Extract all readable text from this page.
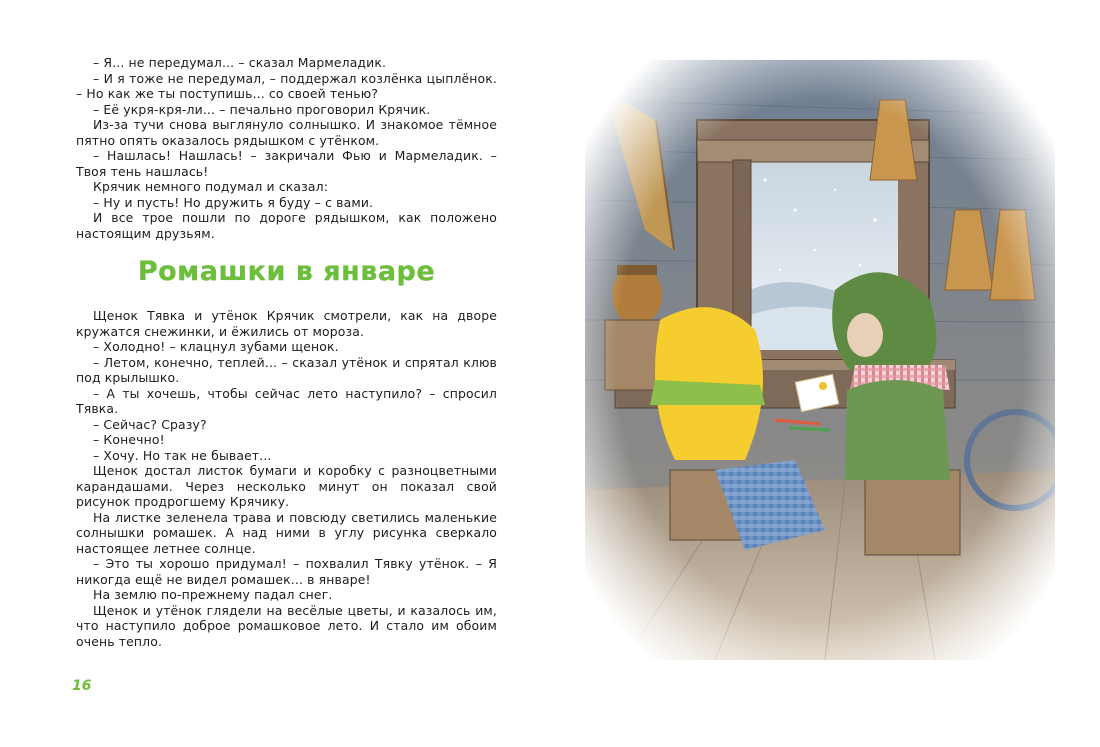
– Я... не передумал... – сказал Мармеладик.

– И я тоже не передумал, – поддержал козлёнка цыплёнок. – Но как же ты поступишь... со своей тенью?

– Её укря-кря-ли... – печально проговорил Крячик.

Из-за тучи снова выглянуло солнышко. И знакомое тёмное пятно опять оказалось рядышком с утёнком.

– Нашлась! Нашлась! – закричали Фью и Мармеладик. – Твоя тень нашлась!

Крячик немного подумал и сказал:

– Ну и пусть! Но дружить я буду – с вами.

И все трое пошли по дороге рядышком, как положено настоящим друзьям.

Ромашки в январе

Щенок Тявка и утёнок Крячик смотрели, как на дворе кружатся снежинки, и ёжились от мороза.

– Холодно! – клацнул зубами щенок.

– Летом, конечно, теплей... – сказал утёнок и спрятал клюв под крылышко.

– А ты хочешь, чтобы сейчас лето наступило? – спросил Тявка.

– Сейчас? Сразу?

– Конечно!

– Хочу. Но так не бывает...

Щенок достал листок бумаги и коробку с разноцветными карандашами. Через несколько минут он показал свой рисунок продрогшему Крячику.

На листке зеленела трава и повсюду светились маленькие солнышки ромашек. А над ними в углу рисунка сверкало настоящее летнее солнце.

– Это ты хорошо придумал! – похвалил Тявку утёнок. – Я никогда ещё не видел ромашек... в январе!

На землю по-прежнему падал снег.

Щенок и утёнок глядели на весёлые цветы, и казалось им, что наступило доброе ромашковое лето. И стало им обоим очень тепло.

16
